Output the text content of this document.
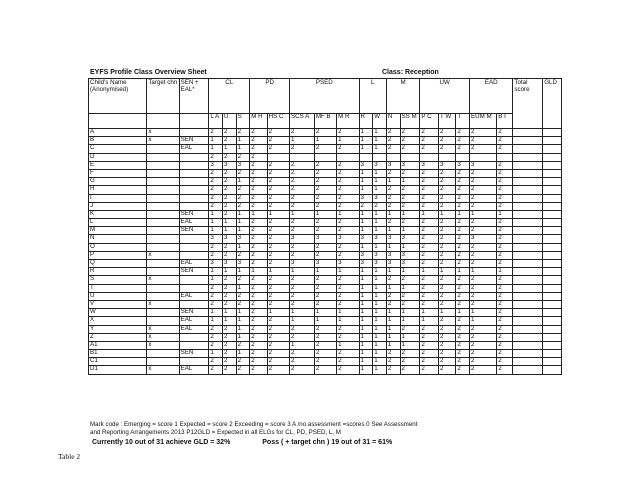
EYFS Profile Class Overview Sheet	Class: Reception
Child's Name (Anonymised)	Target chn	SEN + EAL*	CL			PD		PSED			L		M		UW			EAD		Total score	GLD
			L A	U	S	M H	HS C	SCS A	MF B	M R	R	W	N	SS M	P C	T W	T	EUM M	B I		
A	x		2	2	2	2	2	2	2	2	1	1	2	2	2	2	2	2	2		
B	x	SEN	1	2	1	2	2	1	1	1	1	1	2	2	2	2	2	2	2		
C		EAL	1	1	1	2	2	2	2	2	1	1	2	2	2	2	2	2	2		
D			2	2	2	2															
E			3	3	3	2	2	2	2	2	3	3	3	3	3	3	3	3	2		
F			2	2	2	2	2	2	2	2	1	1	2	2	2	2	2	2	2		
G			2	2	1	2	2	2	2	2	1	1	1	1	2	2	2	2	2		
H			2	2	2	2	2	2	2	2	1	1	2	2	2	2	2	2	2		
I			2	2	2	2	2	2	2	2	3	3	2	2	2	2	2	2	2		
J			2	2	2	2	2	2	2	2	2	2	2	2	2	2	2	2	2		
K		SEN	1	2	1	1	1	1	1	1	1	1	1	1	1	1	1	1	1		
L		EAL	1	1	1	2	2	2	2	2	1	1	2	2	2	2	2	2	2		
M		SEN	1	1	1	2	2	2	2	2	1	1	1	1	2	2	2	2	2		
N			3	3	3	2	2	3	3	3	3	3	3	3	2	2	2	3	2		
O			2	2	1	2	2	2	2	2	1	1	1	1	2	2	2	2	2		
P	x		2	2	2	2	2	2	2	2	3	3	3	3	2	2	2	2	2		
Q		EAL	3	3	3	2	2	3	3	3	3	3	3	3	2	2	2	2	2		
R		SEN	1	1	1	1	1	1	1	1	1	1	1	1	1	1	1	1	1		
S	x		1	2	2	2	2	2	2	2	1	1	2	2	2	2	2	2	2		
T			2	2	1	2	2	2	2	2	1	1	1	1	2	2	2	2	2		
U		EAL	2	2	2	2	2	2	2	2	1	1	2	2	2	2	2	2	2		
V	x		2	2	2	2	2	2	2	2	1	1	2	2	2	2	2	2	2		
W		SEN	1	1	1	2	1	1	1	1	1	1	1	1	1	1	1	1	2		
X		EAL	1	1	1	2	2	1	1	1	1	1	1	1	1	2	2	1	2		
Y	x	EAL	2	2	1	2	2	2	2	2	1	1	1	2	2	2	2	2	2		
Z	x		2	2	1	2	2	2	2	2	1	1	1	1	2	2	2	2	2		
A1	x		2	2	2	2	2	1	2	1	1	1	1	1	2	2	2	2	2		
B1		SEN	1	2	1	2	2	2	2	2	1	1	2	2	2	2	2	2	2		
C1			2	2	2	2	2	2	2	2	1	1	2	2	2	2	2	2	2		
D1	x	EAL	2	2	2	2	2	2	2	2	1	1	2	2	2	2	2	2	2		
Mark code : Emerging = score 1 Expected = score 2 Exceeding = score 3 A /no assessment =scores 0 See Assessment
and Reporting Arrangements 2013 P12GLD = Expected in all ELGs for CL, PD, PSED, L, M
Currently 10 out of 31 achieve GLD = 32%	Poss ( + target chn ) 19 out of 31 = 61%
Table 2
